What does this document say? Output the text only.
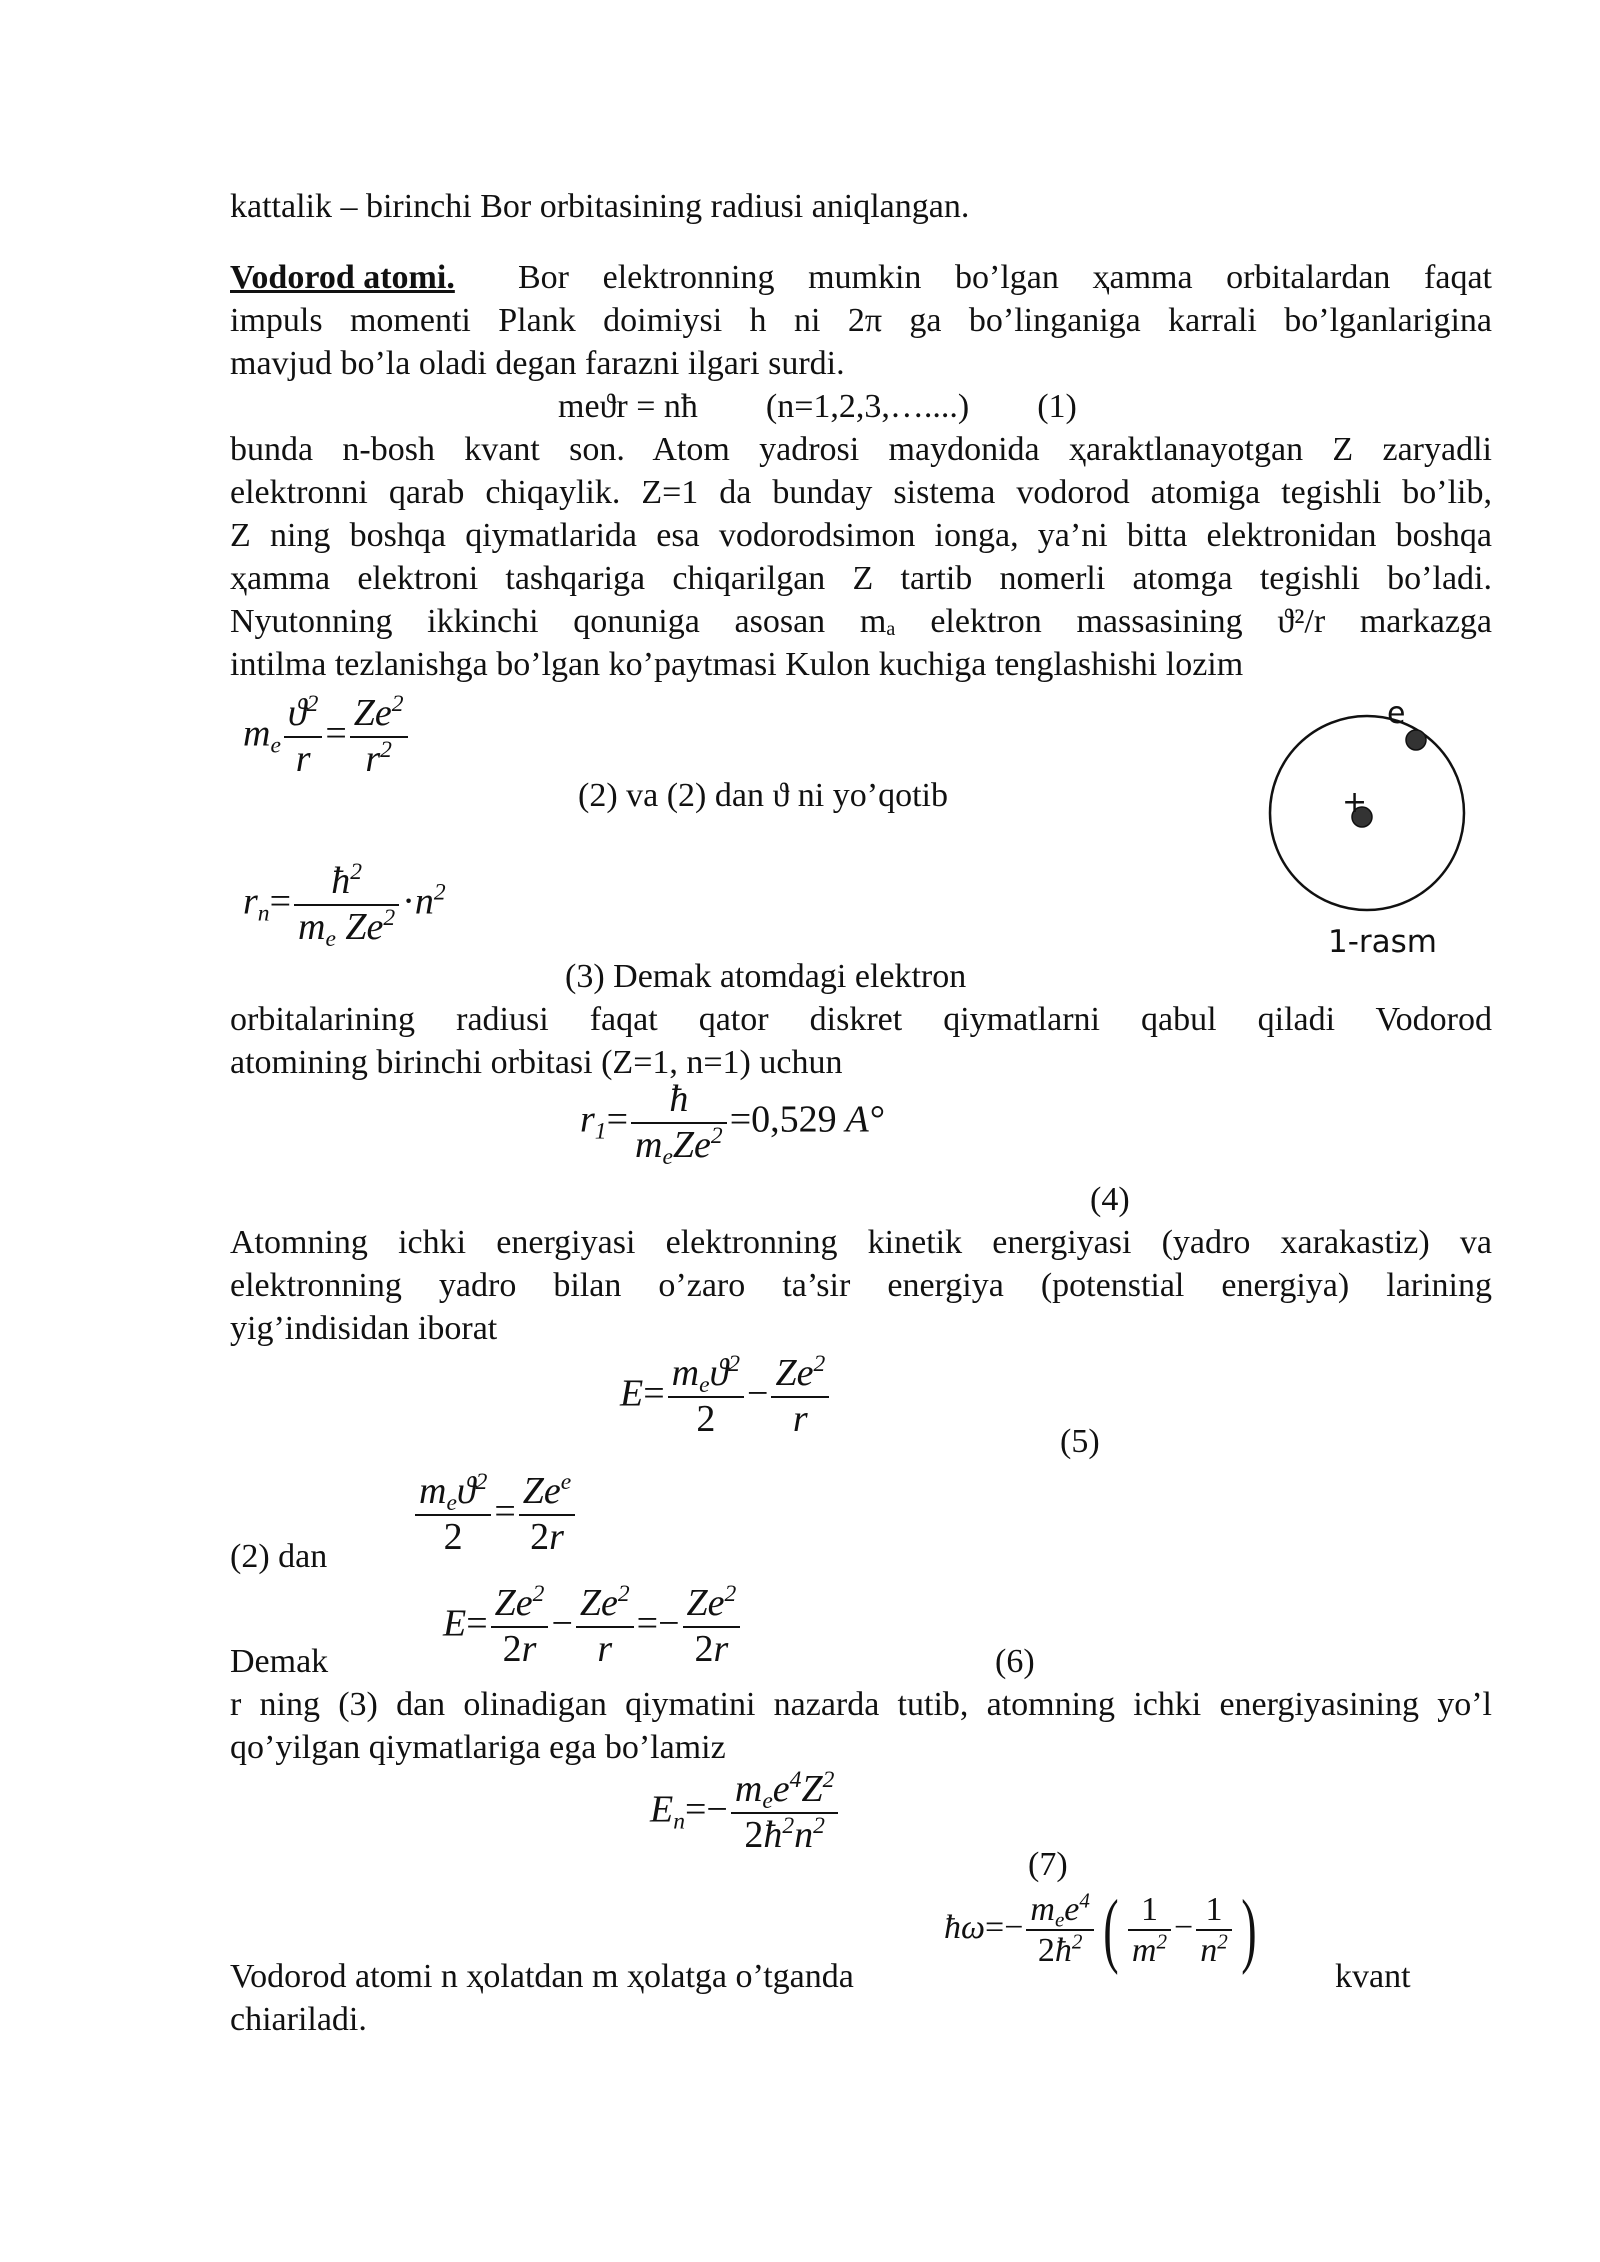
kattalik – birinchi Bor orbitasining radiusi aniqlangan.
Vodorod atomi. Bor elektronning mumkin bo’lgan ҳamma orbitalardan faqat
impuls momenti Plank doimiysi h ni 2π ga bo’linganiga karrali bo’lganlarigina
mavjud bo’la oladi degan farazni ilgari surdi.
meϑr = nħ        (n=1,2,3,…....)        (1)
bunda n-bosh kvant son. Atom yadrosi maydonida ҳaraktlanayotgan Z zaryadli
elektronni qarab chiqaylik. Z=1 da bunday sistema vodorod atomiga tegishli bo’lib,
Z ning boshqa qiymatlarida esa vodorodsimon ionga, ya’ni bitta elektronidan boshqa
ҳamma elektroni tashqariga chiqarilgan Z tartib nomerli atomga tegishli bo’ladi.
Nyutonning ikkinchi qonuniga asosan mₐ elektron massasining ϑ²/r markazga
intilma tezlanishga bo’lgan ko’paytmasi Kulon kuchiga tenglashishi lozim
$m_e \frac{ϑ^2}{r} = \frac{Ze^2}{r^2}$
(2) va (2) dan ϑ ni yo’qotib
e
+
1-rasm
$r_n= \frac{ħ^2}{m_e Ze^2} \cdot n^2$
(3) Demak atomdagi elektron
orbitalarining radiusi faqat qator diskret qiymatlarni qabul qiladi Vodorod
atomining birinchi orbitasi (Z=1, n=1) uchun
$r_1= \frac{ħ}{m_eZe^2} =0,529$ A°
(4)
Atomning ichki energiyasi elektronning kinetik energiyasi (yadro xarakastiz) va
elektronning yadro bilan o’zaro ta’sir energiya (potenstial energiya) larining
yig’indisidan iborat
$E= \frac{m_eϑ^2}{2} - \frac{Ze^2}{r}$
(5)
(2) dan $\frac{m_eϑ^2}{2} = \frac{Ze^e}{2r}$
Demak
$E= \frac{Ze^2}{2r} - \frac{Ze^2}{r} =- \frac{Ze^2}{2r}$	(6)
r ning (3) dan olinadigan qiymatini nazarda tutib, atomning ichki energiyasining yo’l
qo’yilgan qiymatlariga ega bo’lamiz
$E_n=- \frac{m_ee^4Z^2}{2ħ^2n^2}$
(7)
ħω=− $\frac{m_ee^4}{2ħ^2}$ ( $\frac{1}{m^2} - \frac{1}{n^2}$ )
Vodorod atomi n ҳolatdan m ҳolatga o’tganda	kvant
chiariladi.
